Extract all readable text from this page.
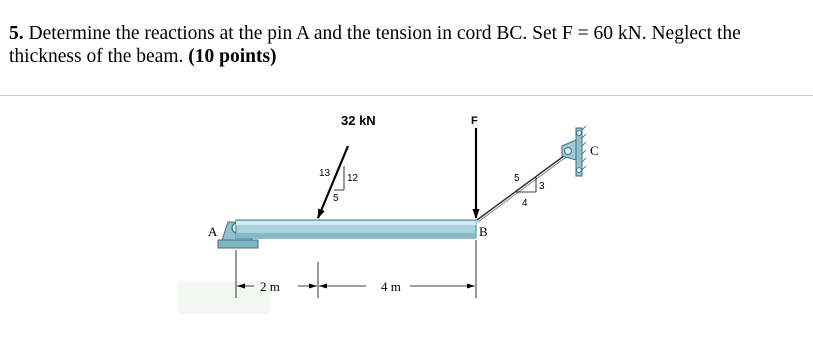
5. Determine the reactions at the pin A and the tension in cord BC. Set F = 60 kN. Neglect the thickness of the beam. (10 points)

32 kN	F
13 12
5
5
3
4
A	B
C
2 m	4 m
